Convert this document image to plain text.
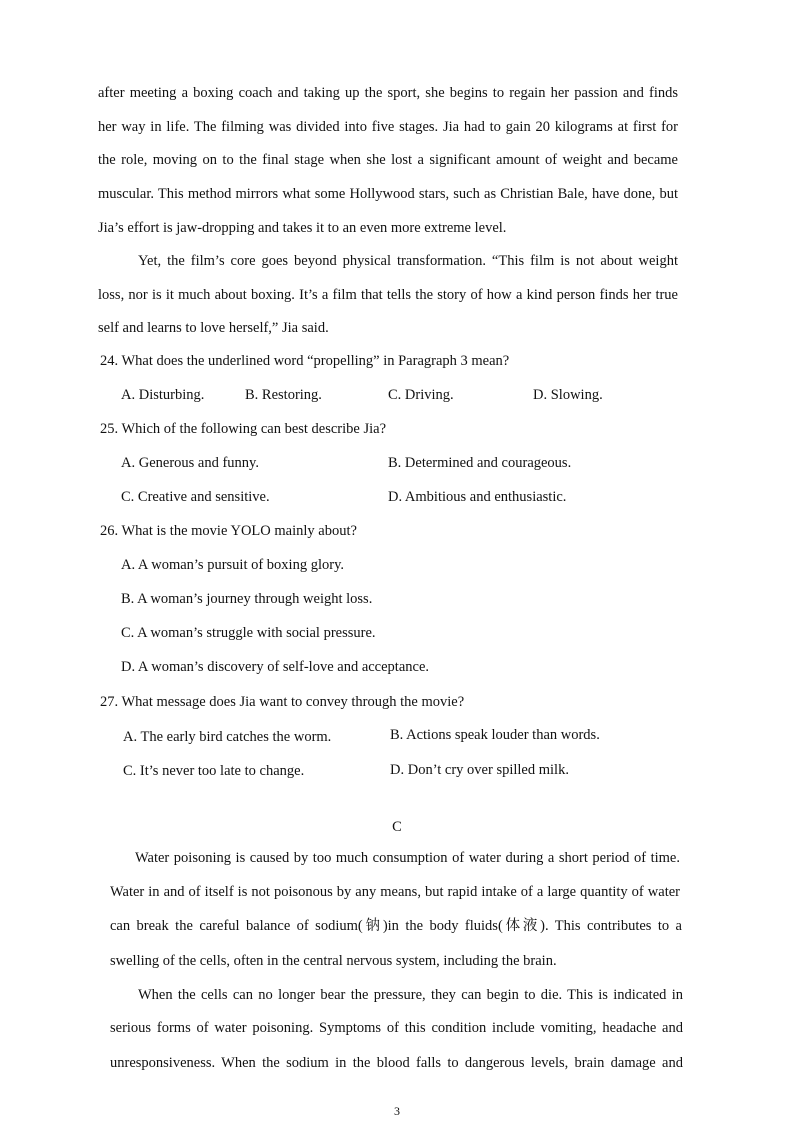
after meeting a boxing coach and taking up the sport, she begins to regain her passion and finds
her way in life. The filming was divided into five stages. Jia had to gain 20 kilograms at first for
the role, moving on to the final stage when she lost a significant amount of weight and became
muscular. This method mirrors what some Hollywood stars, such as Christian Bale, have done, but
Jia’s effort is jaw-dropping and takes it to an even more extreme level.
Yet, the film’s core goes beyond physical transformation. “This film is not about weight
loss, nor is it much about boxing. It’s a film that tells the story of how a kind person finds her true
self and learns to love herself,” Jia said.
24. What does the underlined word “propelling” in Paragraph 3 mean?
A. Disturbing.	B. Restoring.	C. Driving.	D. Slowing.
25. Which of the following can best describe Jia?
A. Generous and funny.	B. Determined and courageous.
C. Creative and sensitive.	D. Ambitious and enthusiastic.
26. What is the movie YOLO mainly about?
A. A woman’s pursuit of boxing glory.
B. A woman’s journey through weight loss.
C. A woman’s struggle with social pressure.
D. A woman’s discovery of self-love and acceptance.
27. What message does Jia want to convey through the movie?
A. The early bird catches the worm.	B. Actions speak louder than words.
C. It’s never too late to change.	D. Don’t cry over spilled milk.
C
Water poisoning is caused by too much consumption of water during a short period of time.
Water in and of itself is not poisonous by any means, but rapid intake of a large quantity of water
can break the careful balance of sodium(钠)in the body fluids(体液). This contributes to a
swelling of the cells, often in the central nervous system, including the brain.
When the cells can no longer bear the pressure, they can begin to die. This is indicated in
serious forms of water poisoning. Symptoms of this condition include vomiting, headache and
unresponsiveness. When the sodium in the blood falls to dangerous levels, brain damage and
3
